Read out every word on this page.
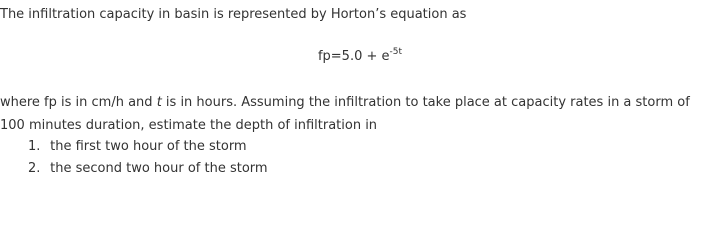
The infiltration capacity in basin is represented by Horton’s equation as
$fp=5.0 + e^{-5t}$
where fp is in cm/h and t is in hours. Assuming the infiltration to take place at capacity rates in a storm of
100 minutes duration, estimate the depth of infiltration in
1. the first two hour of the storm
2. the second two hour of the storm
